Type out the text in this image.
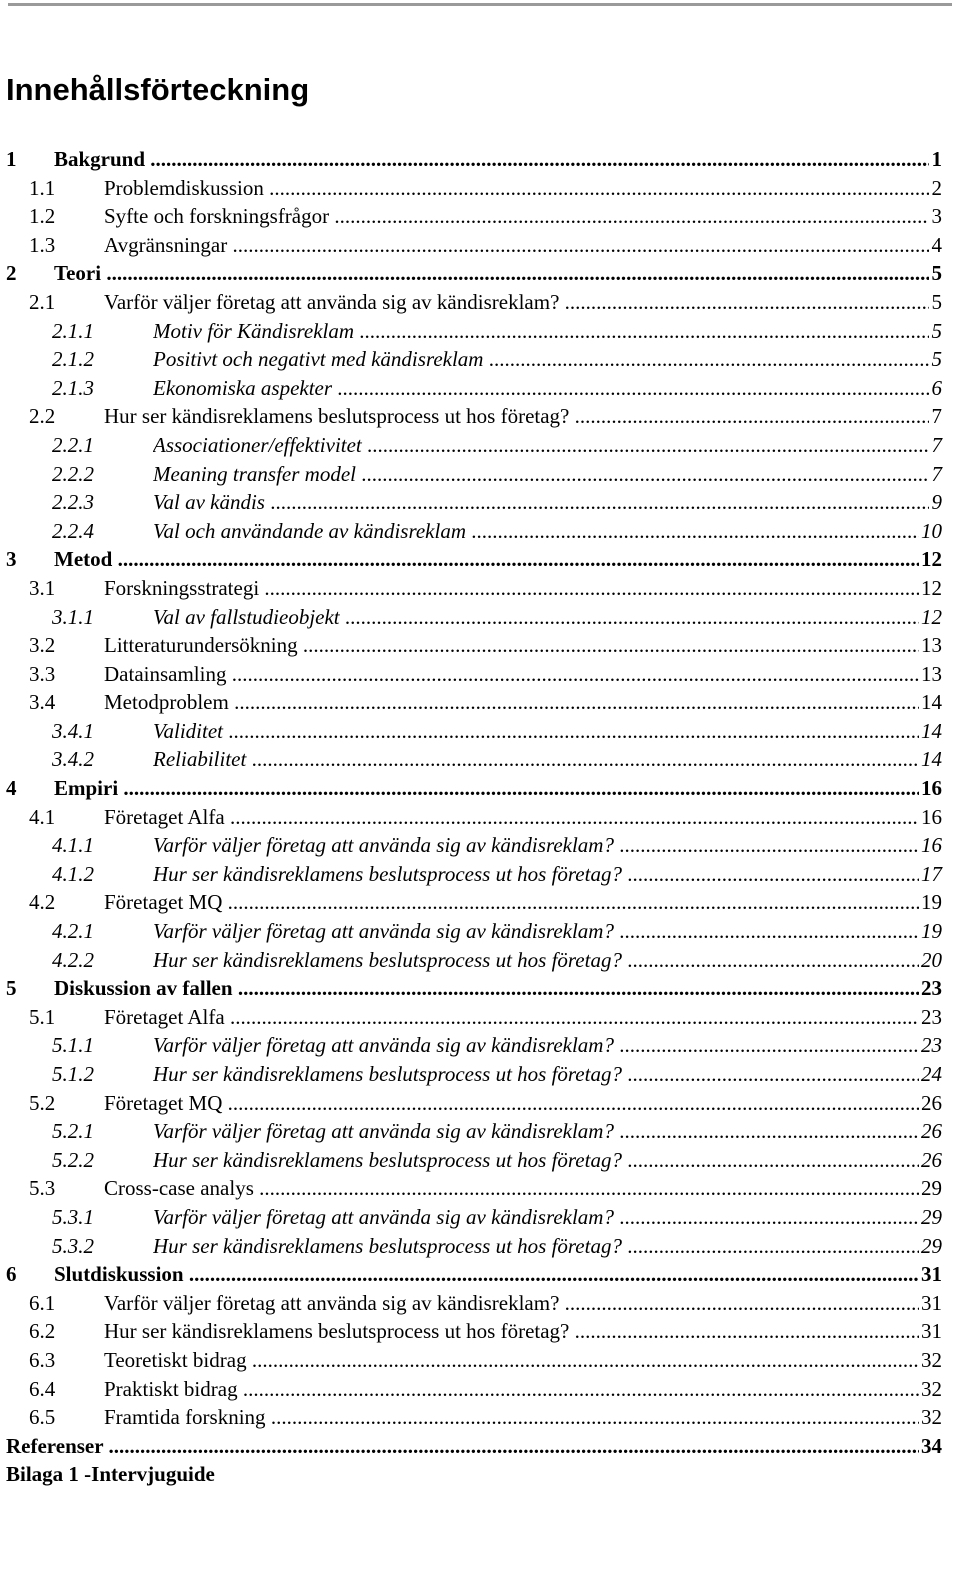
Innehållsförteckning
1 Bakgrund .....	1
1.1 Problemdiskussion .....	2
1.2 Syfte och forskningsfrågor .....	3
1.3 Avgränsningar .....	4
2 Teori .....	5
2.1 Varför väljer företag att använda sig av kändisreklam? .....	5
2.1.1	Motiv för Kändisreklam .....	5
2.1.2	Positivt och negativt med kändisreklam .....	5
2.1.3	Ekonomiska aspekter .....	6
2.2 Hur ser kändisreklamens beslutsprocess ut hos företag? .....	7
2.2.1	Associationer/effektivitet .....	7
2.2.2	Meaning transfer model .....	7
2.2.3	Val av kändis .....	9
2.2.4	Val och användande av kändisreklam .....	10
3 Metod .....	12
3.1 Forskningsstrategi .....	12
3.1.1	Val av fallstudieobjekt .....	12
3.2 Litteraturundersökning .....	13
3.3 Datainsamling .....	13
3.4 Metodproblem .....	14
3.4.1	Validitet .....	14
3.4.2	Reliabilitet .....	14
4 Empiri .....	16
4.1 Företaget Alfa .....	16
4.1.1	Varför väljer företag att använda sig av kändisreklam? .....	16
4.1.2	Hur ser kändisreklamens beslutsprocess ut hos företag? .....	17
4.2 Företaget MQ .....	19
4.2.1	Varför väljer företag att använda sig av kändisreklam? .....	19
4.2.2	Hur ser kändisreklamens beslutsprocess ut hos företag? .....	20
5 Diskussion av fallen .....	23
5.1 Företaget Alfa .....	23
5.1.1	Varför väljer företag att använda sig av kändisreklam? .....	23
5.1.2	Hur ser kändisreklamens beslutsprocess ut hos företag? .....	24
5.2 Företaget MQ .....	26
5.2.1	Varför väljer företag att använda sig av kändisreklam? .....	26
5.2.2	Hur ser kändisreklamens beslutsprocess ut hos företag? .....	26
5.3 Cross-case analys .....	29
5.3.1	Varför väljer företag att använda sig av kändisreklam? .....	29
5.3.2	Hur ser kändisreklamens beslutsprocess ut hos företag? .....	29
6 Slutdiskussion .....	31
6.1 Varför väljer företag att använda sig av kändisreklam? .....	31
6.2 Hur ser kändisreklamens beslutsprocess ut hos företag? .....	31
6.3 Teoretiskt bidrag .....	32
6.4 Praktiskt bidrag .....	32
6.5 Framtida forskning .....	32
Referenser .....	34
Bilaga 1 -Intervjuguide
